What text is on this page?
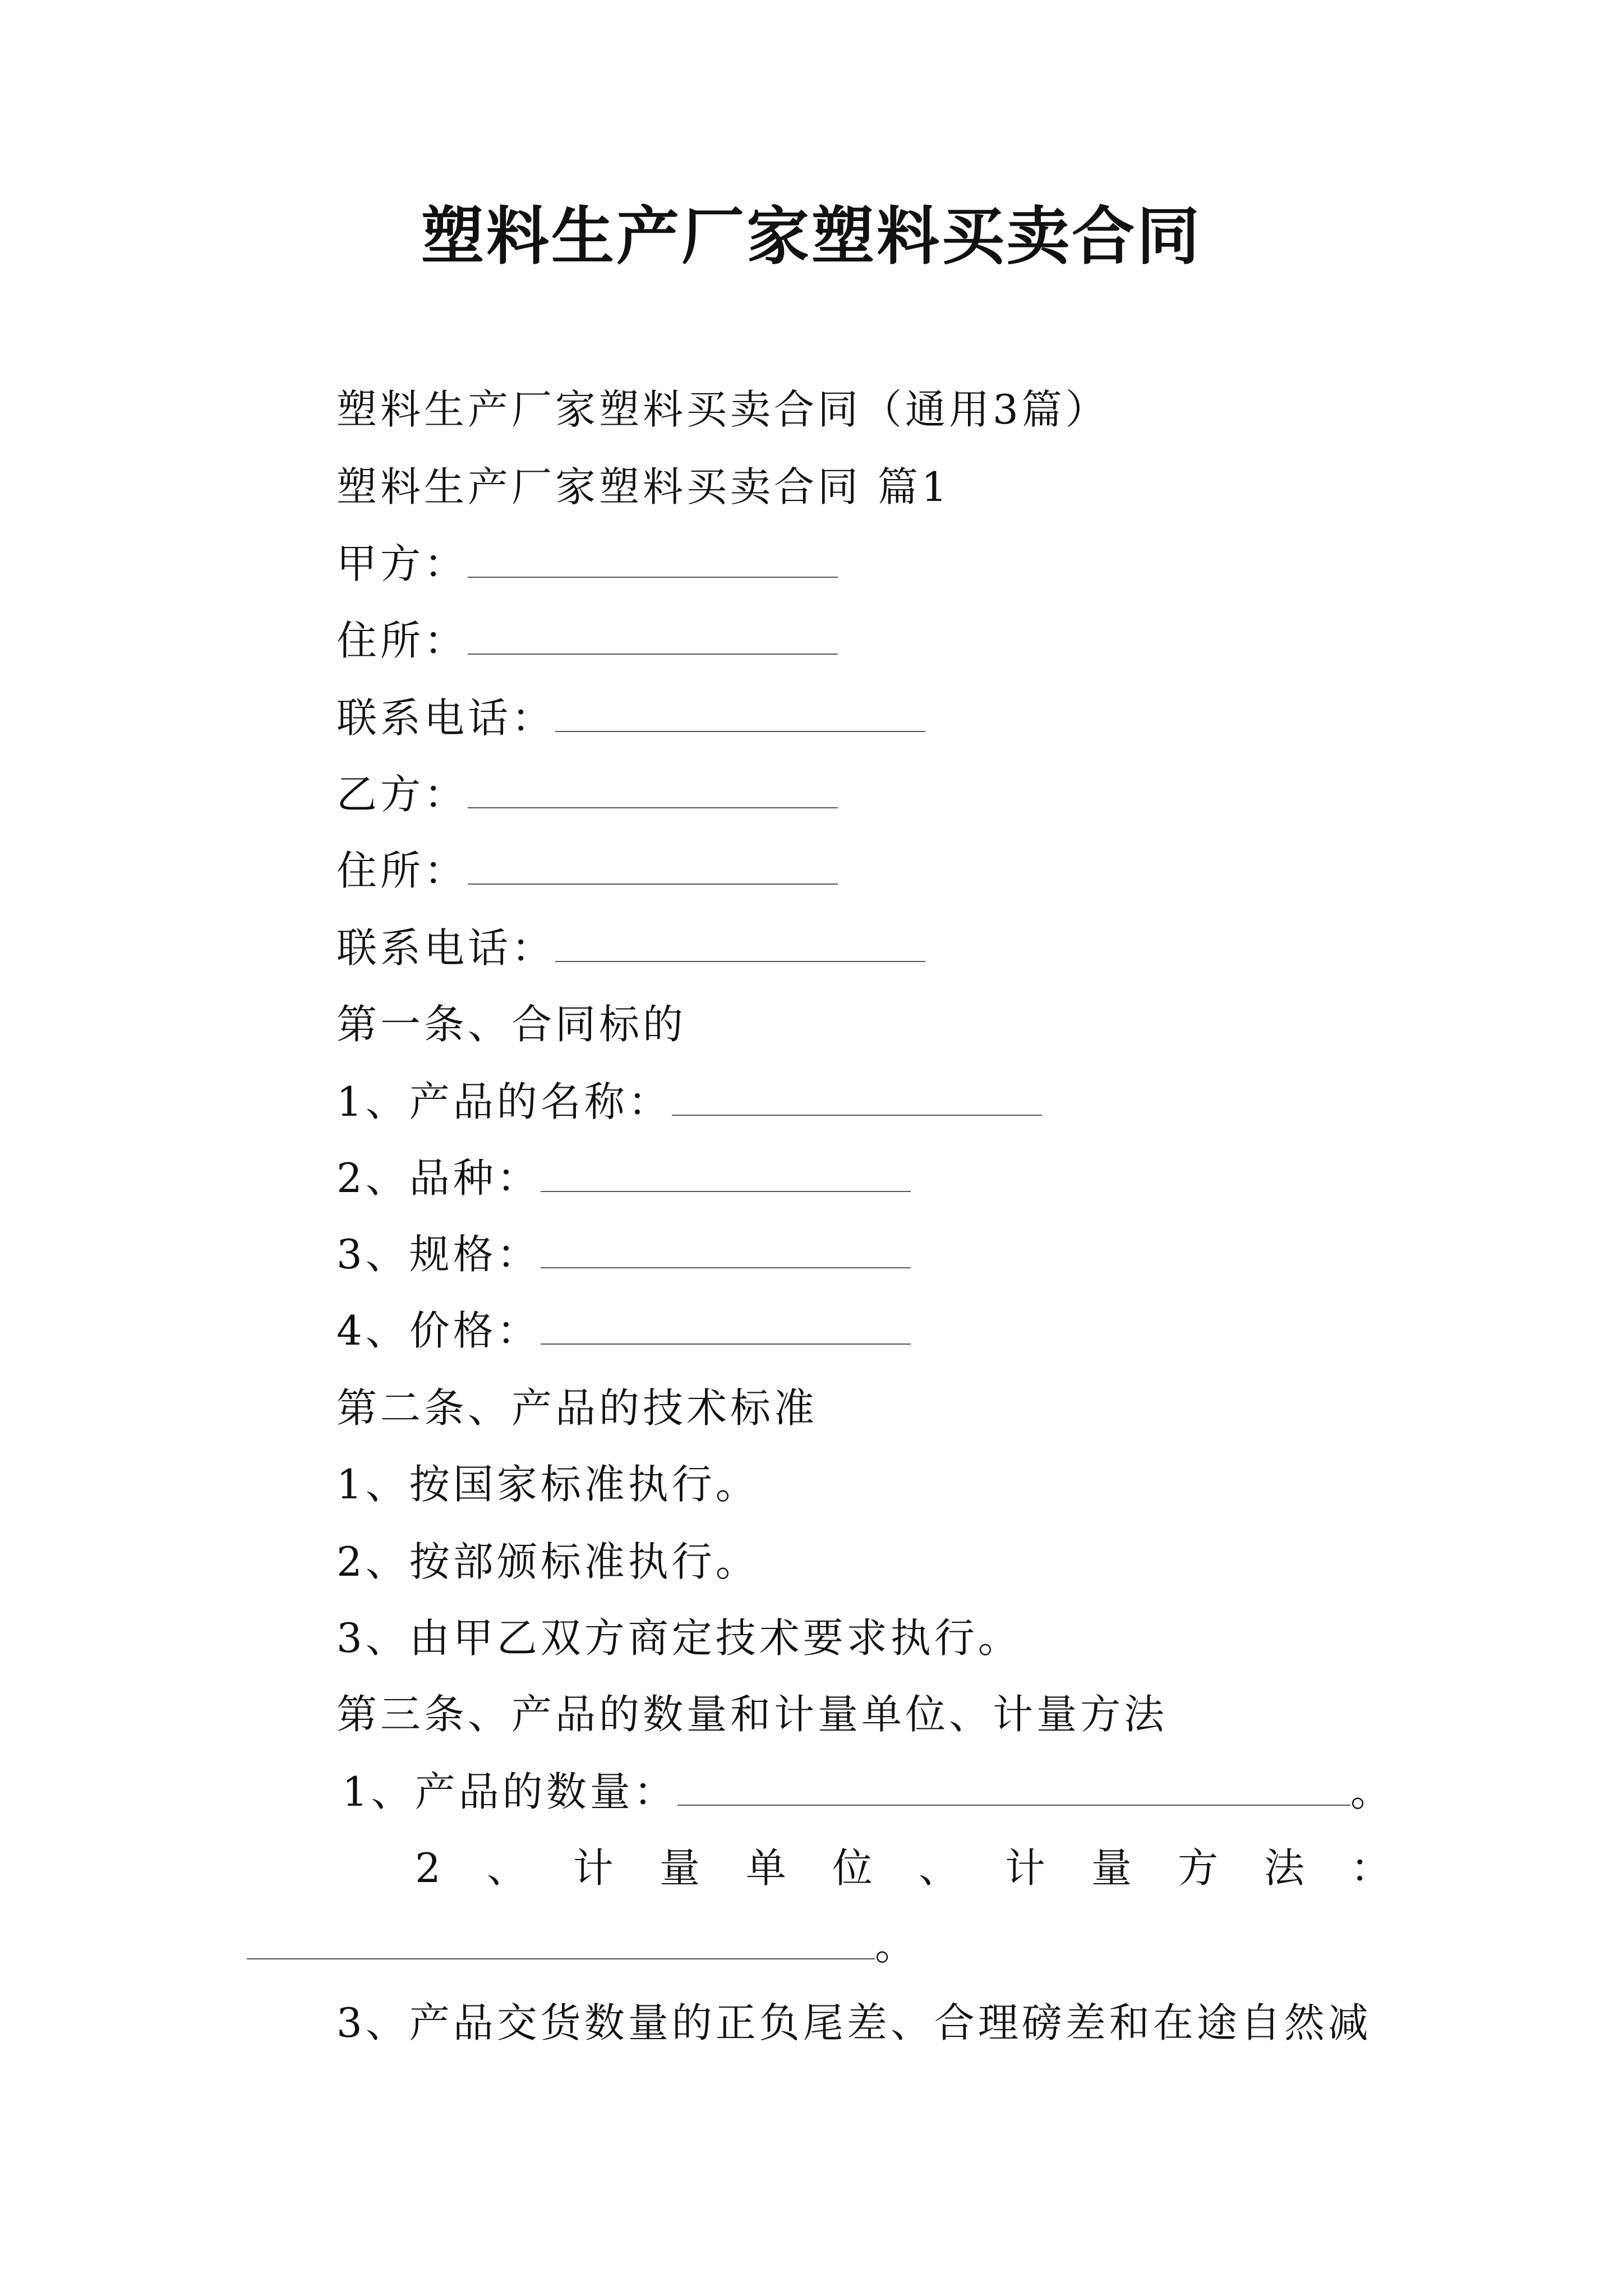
塑料生产厂家塑料买卖合同
塑料生产厂家塑料买卖合同（通用3篇）
塑料生产厂家塑料买卖合同 篇1
甲方：
住所：
联系电话：
乙方：
住所：
联系电话：
第一条、合同标的
1、产品的名称：
2、品种：
3、规格：
4、价格：
第二条、产品的技术标准
1、按国家标准执行。
2、按部颁标准执行。
3、由甲乙双方商定技术要求执行。
第三条、产品的数量和计量单位、计量方法
1、产品的数量：	。
2 、 计 量 单 位 、 计 量 方 法 ：
。
3、产品交货数量的正负尾差、合理磅差和在途自然减
